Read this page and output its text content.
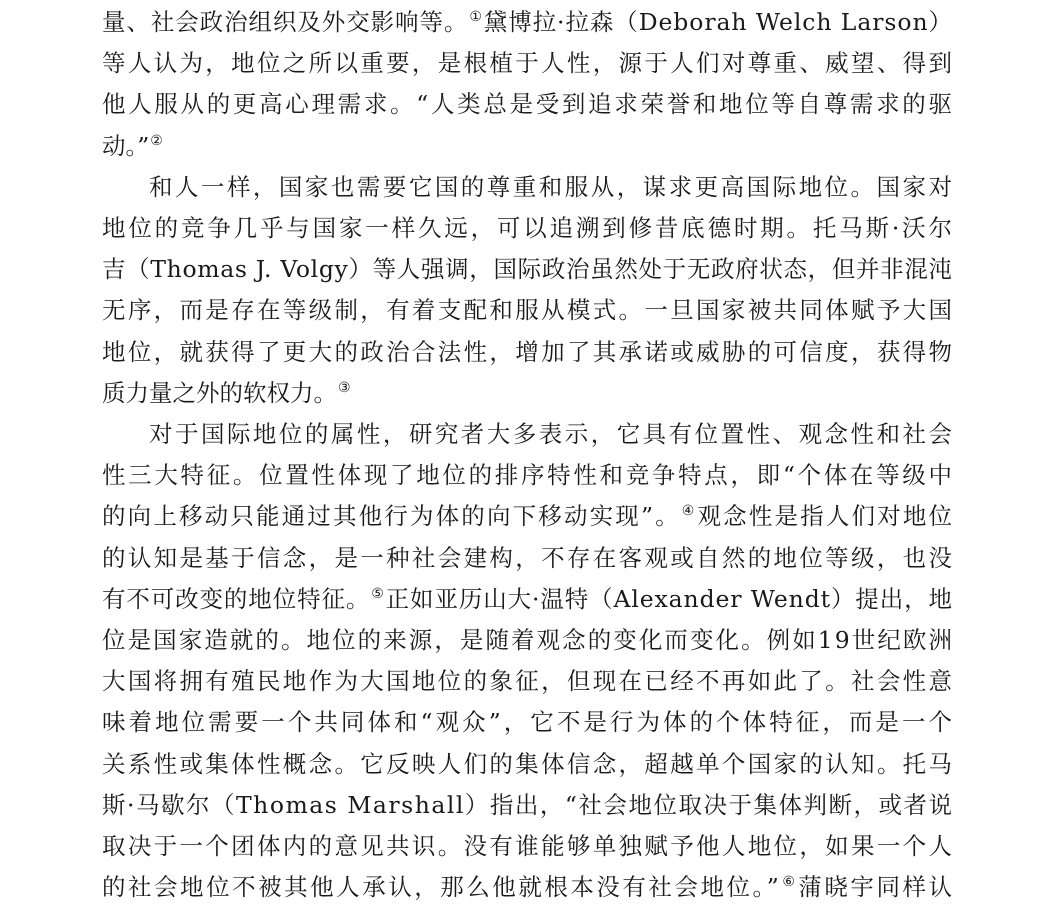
量、社会政治组织及外交影响等。①黛博拉·拉森（Deborah Welch Larson）
等人认为，地位之所以重要，是根植于人性，源于人们对尊重、威望、得到
他人服从的更高心理需求。“人类总是受到追求荣誉和地位等自尊需求的驱
动。”②

和人一样，国家也需要它国的尊重和服从，谋求更高国际地位。国家对
地位的竞争几乎与国家一样久远，可以追溯到修昔底德时期。托马斯·沃尔
吉（Thomas J. Volgy）等人强调，国际政治虽然处于无政府状态，但并非混沌
无序，而是存在等级制，有着支配和服从模式。一旦国家被共同体赋予大国
地位，就获得了更大的政治合法性，增加了其承诺或威胁的可信度，获得物
质力量之外的软权力。③

对于国际地位的属性，研究者大多表示，它具有位置性、观念性和社会
性三大特征。位置性体现了地位的排序特性和竞争特点，即“个体在等级中
的向上移动只能通过其他行为体的向下移动实现”。④观念性是指人们对地位
的认知是基于信念，是一种社会建构，不存在客观或自然的地位等级，也没
有不可改变的地位特征。⑤正如亚历山大·温特（Alexander Wendt）提出，地
位是国家造就的。地位的来源，是随着观念的变化而变化。例如19世纪欧洲
大国将拥有殖民地作为大国地位的象征，但现在已经不再如此了。社会性意
味着地位需要一个共同体和“观众”，它不是行为体的个体特征，而是一个
关系性或集体性概念。它反映人们的集体信念，超越单个国家的认知。托马
斯·马歇尔（Thomas Marshall）指出，“社会地位取决于集体判断，或者说
取决于一个团体内的意见共识。没有谁能够单独赋予他人地位，如果一个人
的社会地位不被其他人承认，那么他就根本没有社会地位。”⑥蒲晓宇同样认
